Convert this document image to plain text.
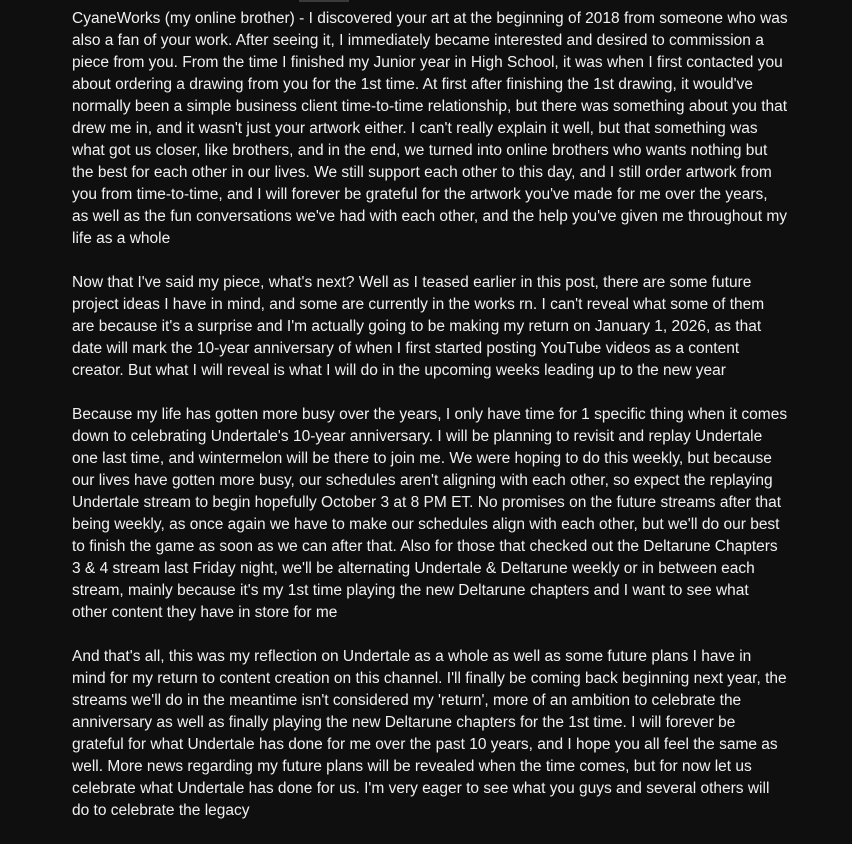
CyaneWorks (my online brother) - I discovered your art at the beginning of 2018 from someone who was also a fan of your work. After seeing it, I immediately became interested and desired to commission a piece from you. From the time I finished my Junior year in High School, it was when I first contacted you about ordering a drawing from you for the 1st time. At first after finishing the 1st drawing, it would've normally been a simple business client time-to-time relationship, but there was something about you that drew me in, and it wasn't just your artwork either. I can't really explain it well, but that something was what got us closer, like brothers, and in the end, we turned into online brothers who wants nothing but the best for each other in our lives. We still support each other to this day, and I still order artwork from you from time-to-time, and I will forever be grateful for the artwork you've made for me over the years, as well as the fun conversations we've had with each other, and the help you've given me throughout my life as a whole

Now that I've said my piece, what's next? Well as I teased earlier in this post, there are some future project ideas I have in mind, and some are currently in the works rn. I can't reveal what some of them are because it's a surprise and I'm actually going to be making my return on January 1, 2026, as that date will mark the 10-year anniversary of when I first started posting YouTube videos as a content creator. But what I will reveal is what I will do in the upcoming weeks leading up to the new year

Because my life has gotten more busy over the years, I only have time for 1 specific thing when it comes down to celebrating Undertale's 10-year anniversary. I will be planning to revisit and replay Undertale one last time, and wintermelon will be there to join me. We were hoping to do this weekly, but because our lives have gotten more busy, our schedules aren't aligning with each other, so expect the replaying Undertale stream to begin hopefully October 3 at 8 PM ET. No promises on the future streams after that being weekly, as once again we have to make our schedules align with each other, but we'll do our best to finish the game as soon as we can after that. Also for those that checked out the Deltarune Chapters 3 & 4 stream last Friday night, we'll be alternating Undertale & Deltarune weekly or in between each stream, mainly because it's my 1st time playing the new Deltarune chapters and I want to see what other content they have in store for me

And that's all, this was my reflection on Undertale as a whole as well as some future plans I have in mind for my return to content creation on this channel. I'll finally be coming back beginning next year, the streams we'll do in the meantime isn't considered my 'return', more of an ambition to celebrate the anniversary as well as finally playing the new Deltarune chapters for the 1st time. I will forever be grateful for what Undertale has done for me over the past 10 years, and I hope you all feel the same as well. More news regarding my future plans will be revealed when the time comes, but for now let us celebrate what Undertale has done for us. I'm very eager to see what you guys and several others will do to celebrate the legacy
